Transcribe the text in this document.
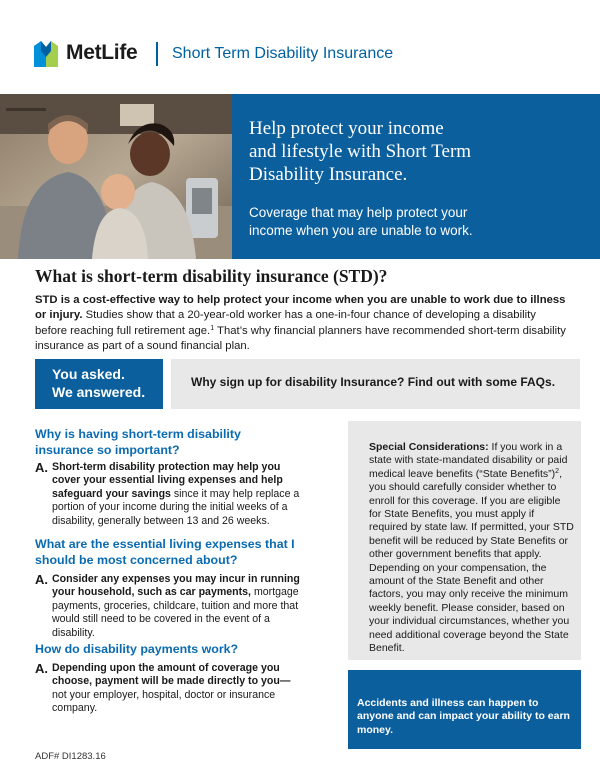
MetLife Short Term Disability Insurance
Help protect your income
and lifestyle with Short Term
Disability Insurance.
Coverage that may help protect your
income when you are unable to work.
What is short-term disability insurance (STD)?
STD is a cost-effective way to help protect your income when you are unable to work due to illness or injury. Studies show that a 20-year-old worker has a one-in-four chance of developing a disability before reaching full retirement age.$^1$ That’s why financial planners have recommended short-term disability insurance as part of a sound financial plan.
You asked.
We answered.
Why sign up for disability Insurance? Find out with some FAQs.
Why is having short-term disability
insurance so important?
A. Short-term disability protection may help you cover your essential living expenses and help safeguard your savings since it may help replace a portion of your income during the initial weeks of a disability, generally between 13 and 26 weeks.
What are the essential living expenses that I
should be most concerned about?
A. Consider any expenses you may incur in running your household, such as car payments, mortgage payments, groceries, childcare, tuition and more that would still need to be covered in the event of a disability.
How do disability payments work?
A. Depending upon the amount of coverage you choose, payment will be made directly to you— not your employer, hospital, doctor or insurance company.
Special Considerations: If you work in a state with state-mandated disability or paid medical leave benefits (“State Benefits”)$^2$, you should carefully consider whether to enroll for this coverage. If you are eligible for State Benefits, you must apply if required by state law. If permitted, your STD benefit will be reduced by State Benefits or other government benefits that apply. Depending on your compensation, the amount of the State Benefit and other factors, you may only receive the minimum weekly benefit. Please consider, based on your individual circumstances, whether you need additional coverage beyond the State Benefit.
Accidents and illness can happen to anyone and can impact your ability to earn money.
ADF# DI1283.16
